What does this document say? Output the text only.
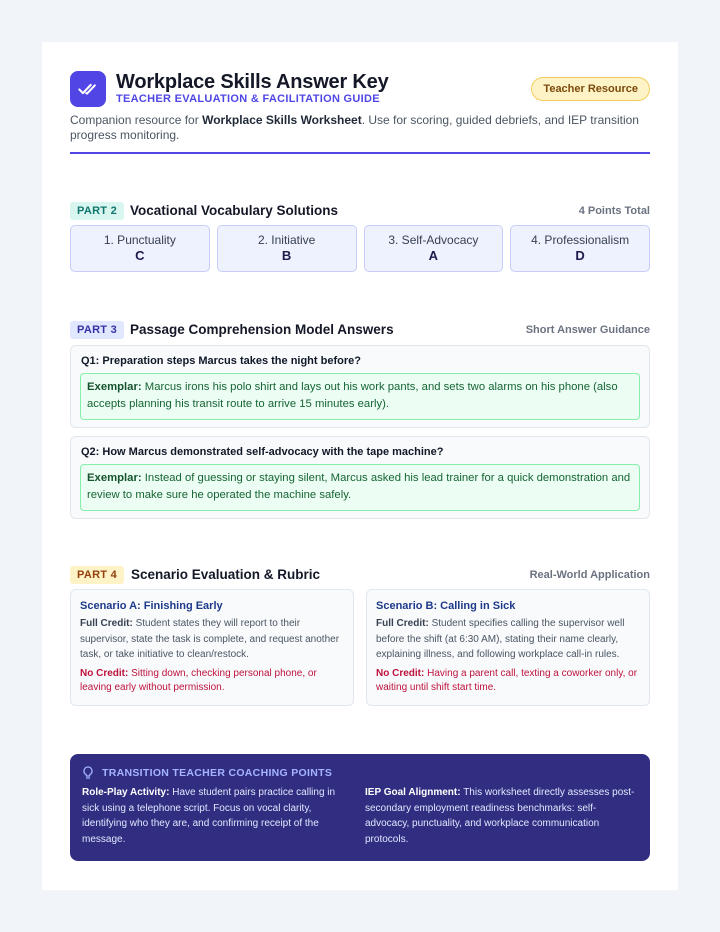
Workplace Skills Answer Key
TEACHER EVALUATION & FACILITATION GUIDE
Teacher Resource
Companion resource for Workplace Skills Worksheet. Use for scoring, guided debriefs, and IEP transition progress monitoring.
PART 2 Vocational Vocabulary Solutions	4 Points Total
1. Punctuality
C
2. Initiative
B
3. Self-Advocacy
A
4. Professionalism
D
PART 3 Passage Comprehension Model Answers	Short Answer Guidance
Q1: Preparation steps Marcus takes the night before?
Exemplar: Marcus irons his polo shirt and lays out his work pants, and sets two alarms on his phone (also accepts planning his transit route to arrive 15 minutes early).
Q2: How Marcus demonstrated self-advocacy with the tape machine?
Exemplar: Instead of guessing or staying silent, Marcus asked his lead trainer for a quick demonstration and review to make sure he operated the machine safely.
PART 4	Scenario Evaluation & Rubric	Real-World Application
Scenario A: Finishing Early
Full Credit: Student states they will report to their supervisor, state the task is complete, and request another task, or take initiative to clean/restock.
No Credit: Sitting down, checking personal phone, or leaving early without permission.
Scenario B: Calling in Sick
Full Credit: Student specifies calling the supervisor well before the shift (at 6:30 AM), stating their name clearly, explaining illness, and following workplace call-in rules.
No Credit: Having a parent call, texting a coworker only, or waiting until shift start time.
TRANSITION TEACHER COACHING POINTS
Role-Play Activity: Have student pairs practice calling in sick using a telephone script. Focus on vocal clarity, identifying who they are, and confirming receipt of the message.
IEP Goal Alignment: This worksheet directly assesses post-secondary employment readiness benchmarks: self-advocacy, punctuality, and workplace communication protocols.
